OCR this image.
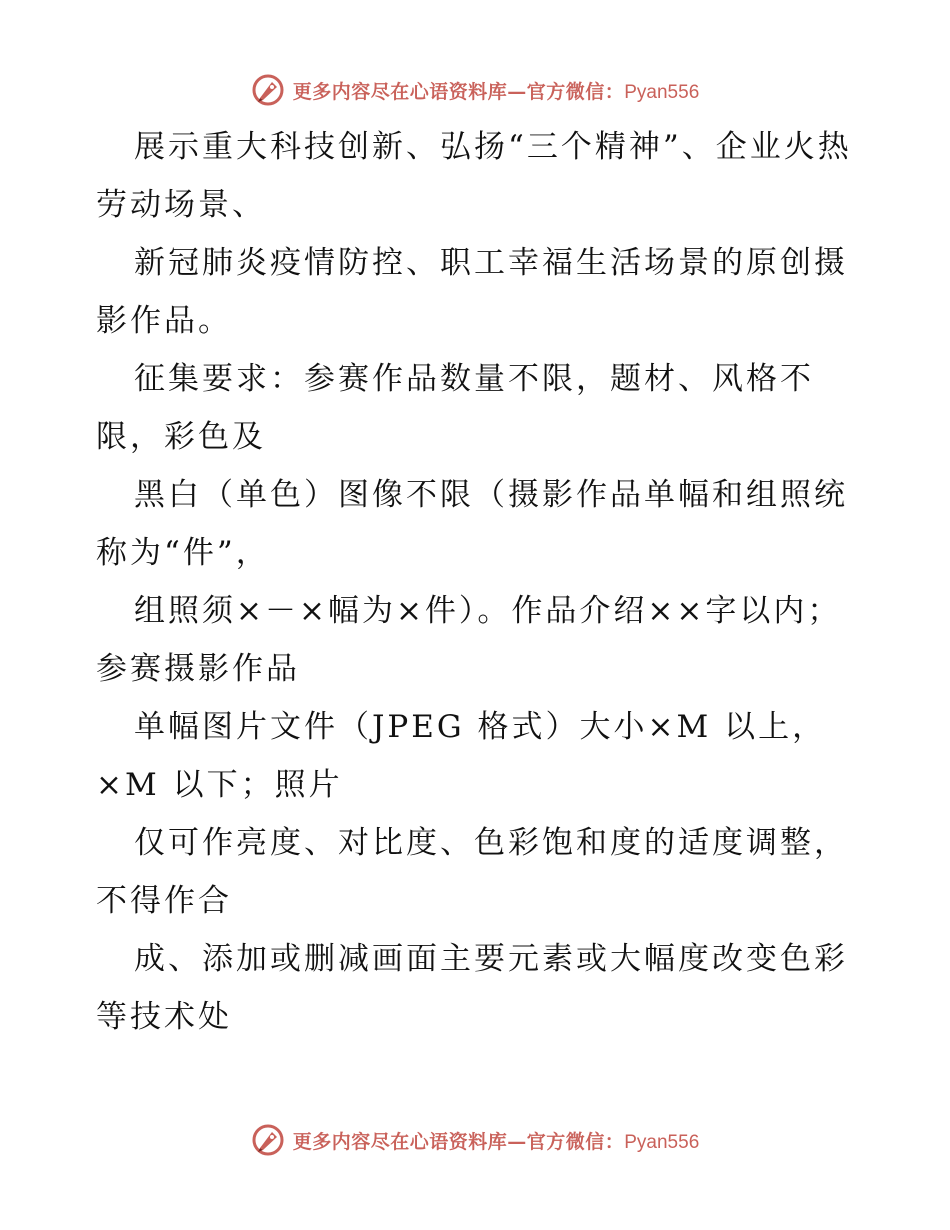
更多内容尽在心语资料库—官方微信：Pyan556

展示重大科技创新、弘扬“三个精神”、企业火热劳动场景、

新冠肺炎疫情防控、职工幸福生活场景的原创摄影作品。

征集要求：参赛作品数量不限，题材、风格不限，彩色及

黑白（单色）图像不限（摄影作品单幅和组照统称为“件”，

组照须×－×幅为×件）。作品介绍××字以内；参赛摄影作品

单幅图片文件（JPEG 格式）大小×M 以上，×M 以下；照片

仅可作亮度、对比度、色彩饱和度的适度调整，不得作合

成、添加或删减画面主要元素或大幅度改变色彩等技术处

更多内容尽在心语资料库—官方微信：Pyan556
